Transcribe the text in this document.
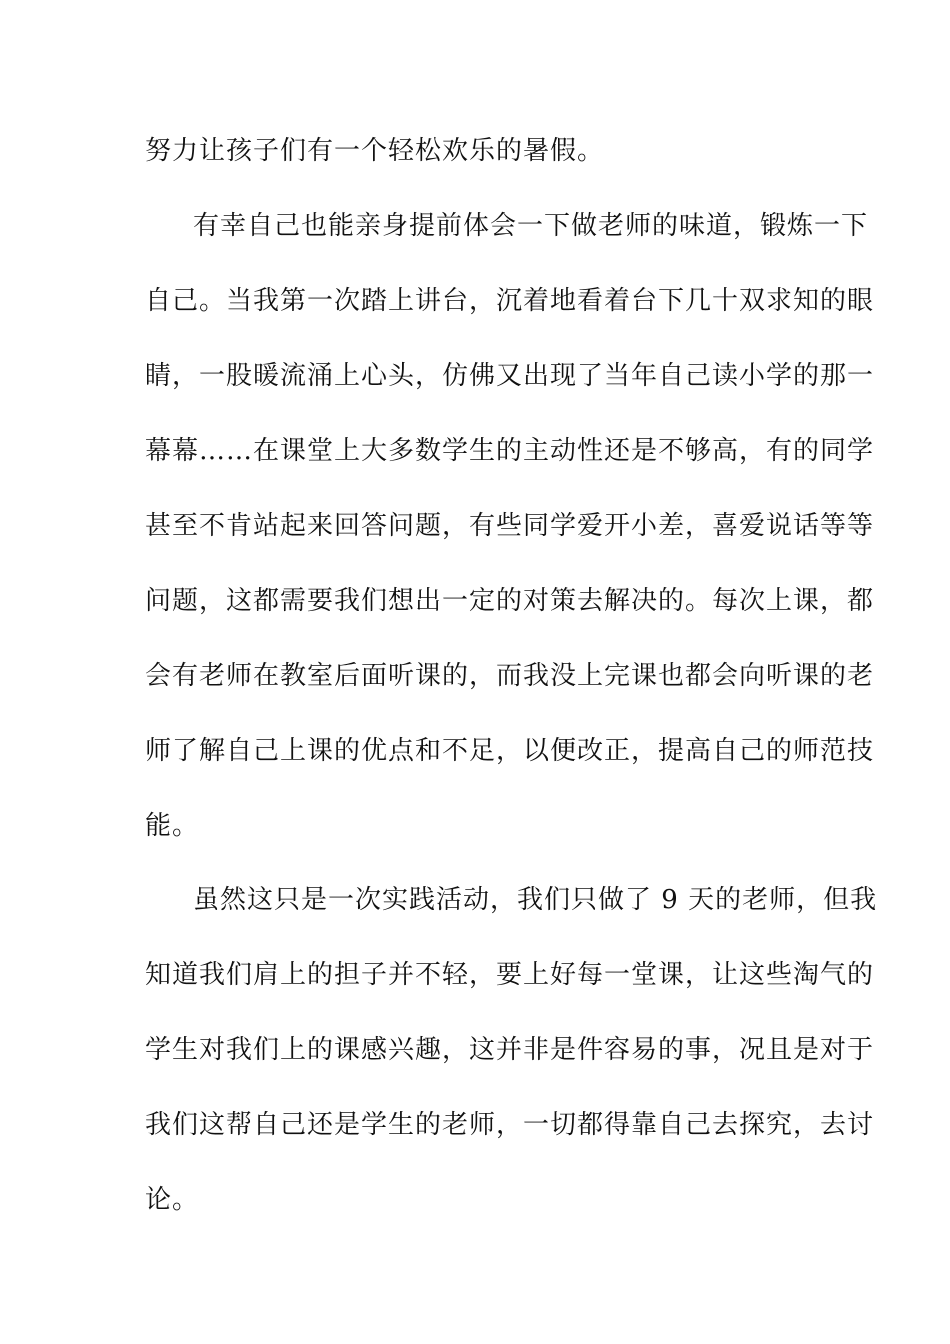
努力让孩子们有一个轻松欢乐的暑假。
有幸自己也能亲身提前体会一下做老师的味道，锻炼一下
自己。当我第一次踏上讲台，沉着地看着台下几十双求知的眼
睛，一股暖流涌上心头，仿佛又出现了当年自己读小学的那一
幕幕……在课堂上大多数学生的主动性还是不够高，有的同学
甚至不肯站起来回答问题，有些同学爱开小差，喜爱说话等等
问题，这都需要我们想出一定的对策去解决的。每次上课，都
会有老师在教室后面听课的，而我没上完课也都会向听课的老
师了解自己上课的优点和不足，以便改正，提高自己的师范技
能。
虽然这只是一次实践活动，我们只做了 9 天的老师，但我
知道我们肩上的担子并不轻，要上好每一堂课，让这些淘气的
学生对我们上的课感兴趣，这并非是件容易的事，况且是对于
我们这帮自己还是学生的老师，一切都得靠自己去探究，去讨
论。
